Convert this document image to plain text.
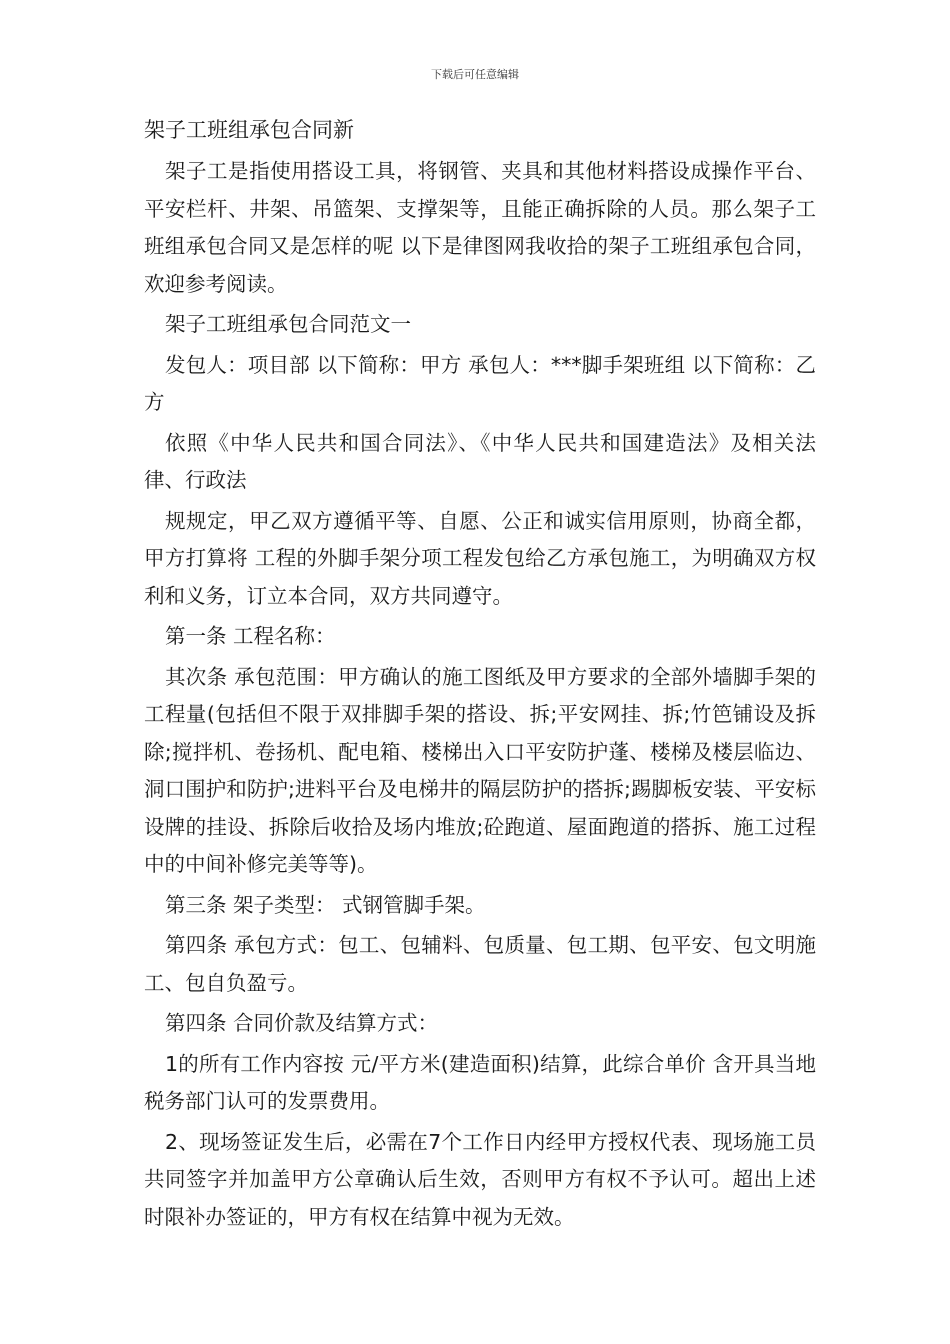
下载后可任意编辑
架子工班组承包合同新

架子工是指使用搭设工具，将钢管、夹具和其他材料搭设成操作平台、平安栏杆、井架、吊篮架、支撑架等，且能正确拆除的人员。那么架子工班组承包合同又是怎样的呢 以下是律图网我收拾的架子工班组承包合同，欢迎参考阅读。

架子工班组承包合同范文一

发包人：项目部 以下简称：甲方 承包人：***脚手架班组 以下简称：乙方

依照《中华人民共和国合同法》、《中华人民共和国建造法》及相关法律、行政法

规规定，甲乙双方遵循平等、自愿、公正和诚实信用原则，协商全都，甲方打算将 工程的外脚手架分项工程发包给乙方承包施工，为明确双方权利和义务，订立本合同，双方共同遵守。

第一条 工程名称：

其次条 承包范围：甲方确认的施工图纸及甲方要求的全部外墙脚手架的工程量(包括但不限于双排脚手架的搭设、拆;平安网挂、拆;竹笆铺设及拆除;搅拌机、卷扬机、配电箱、楼梯出入口平安防护蓬、楼梯及楼层临边、洞口围护和防护;进料平台及电梯井的隔层防护的搭拆;踢脚板安装、平安标设牌的挂设、拆除后收拾及场内堆放;砼跑道、屋面跑道的搭拆、施工过程中的中间补修完美等等)。

第三条 架子类型： 式钢管脚手架。

第四条 承包方式：包工、包辅料、包质量、包工期、包平安、包文明施工、包自负盈亏。

第四条 合同价款及结算方式：

1的所有工作内容按 元/平方米(建造面积)结算，此综合单价 含开具当地税务部门认可的发票费用。

2、现场签证发生后，必需在7个工作日内经甲方授权代表、现场施工员共同签字并加盖甲方公章确认后生效，否则甲方有权不予认可。超出上述时限补办签证的，甲方有权在结算中视为无效。
